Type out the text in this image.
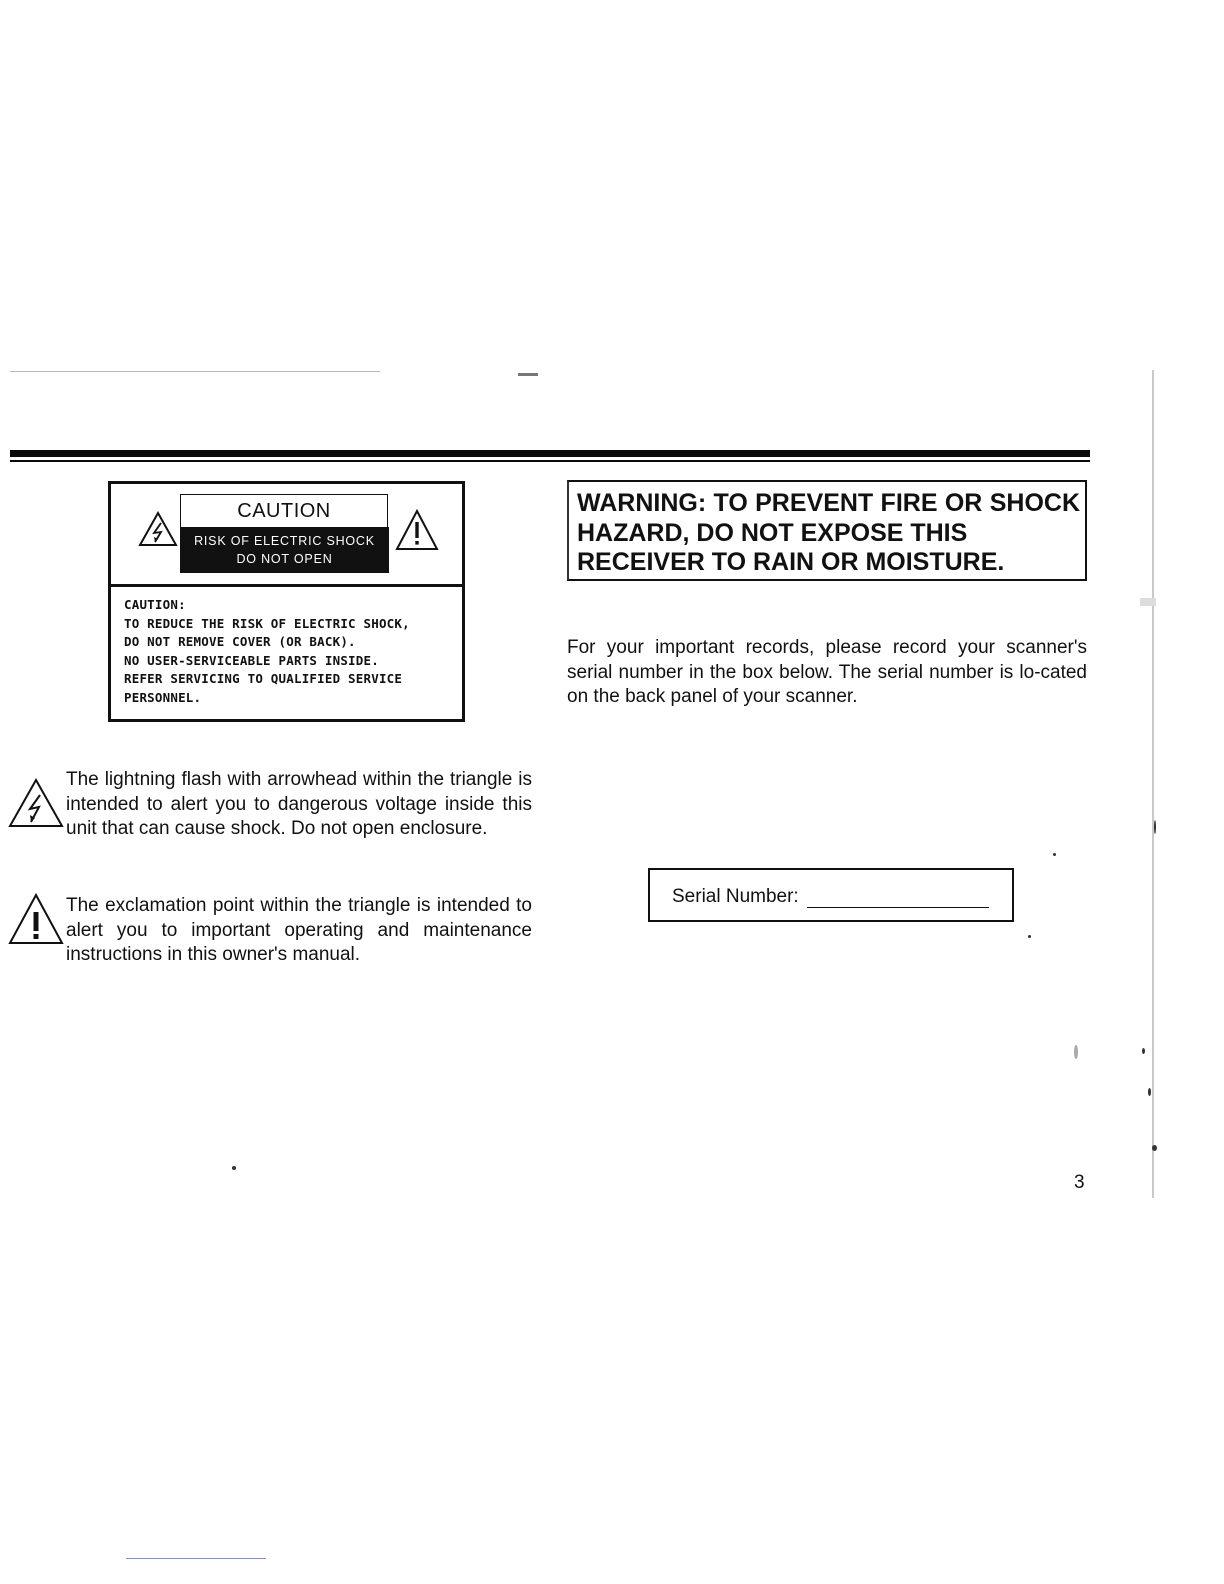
CAUTION
RISK OF ELECTRIC SHOCK
DO NOT OPEN
CAUTION:
TO REDUCE THE RISK OF ELECTRIC SHOCK,
DO NOT REMOVE COVER (OR BACK).
NO USER-SERVICEABLE PARTS INSIDE.
REFER SERVICING TO QUALIFIED SERVICE
PERSONNEL.
The lightning flash with arrowhead within the triangle is intended to alert you to dangerous voltage inside this unit that can cause shock. Do not open enclosure.
The exclamation point within the triangle is intended to alert you to important operating and maintenance instructions in this owner's manual.
WARNING: TO PREVENT FIRE OR SHOCK HAZARD, DO NOT EXPOSE THIS
RECEIVER TO RAIN OR MOISTURE.
For your important records, please record your scanner's serial number in the box below. The serial number is lo-cated on the back panel of your scanner.
Serial Number:
3
